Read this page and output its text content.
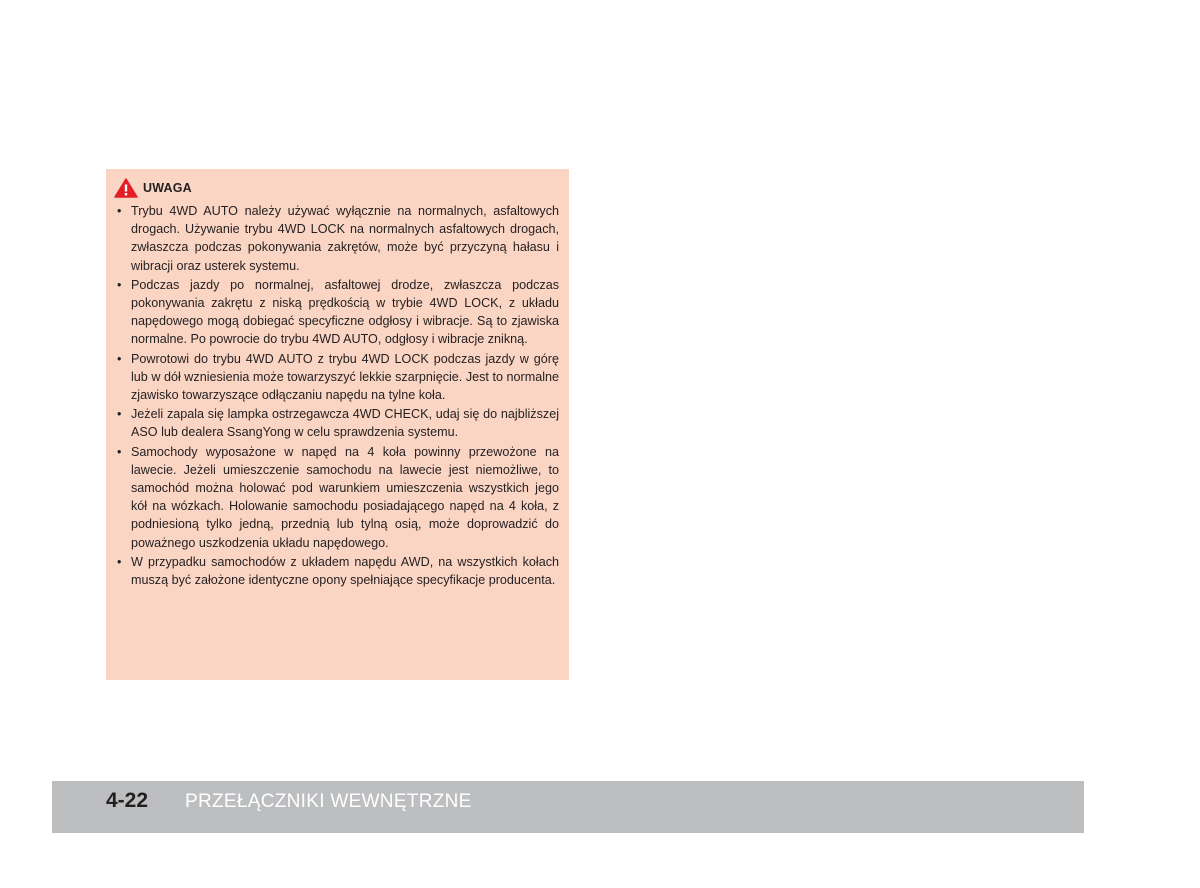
UWAGA
• Trybu 4WD AUTO należy używać wyłącznie na normalnych, asfaltowych drogach. Używanie trybu 4WD LOCK na normalnych asfaltowych drogach, zwłaszcza podczas pokonywania zakrętów, może być przyczyną hałasu i wibracji oraz usterek systemu.
• Podczas jazdy po normalnej, asfaltowej drodze, zwłaszcza podczas pokonywania zakrętu z niską prędkością w trybie 4WD LOCK, z układu napędowego mogą dobiegać specyficzne odgłosy i wibracje. Są to zjawiska normalne. Po powrocie do trybu 4WD AUTO, odgłosy i wibracje znikną.
• Powrotowi do trybu 4WD AUTO z trybu 4WD LOCK podczas jazdy w górę lub w dół wzniesienia może towarzyszyć lekkie szarpnięcie. Jest to normalne zjawisko towarzyszące odłączaniu napędu na tylne koła.
• Jeżeli zapala się lampka ostrzegawcza 4WD CHECK, udaj się do najbliższej ASO lub dealera SsangYong w celu sprawdzenia systemu.
• Samochody wyposażone w napęd na 4 koła powinny przewożone na lawecie. Jeżeli umieszczenie samochodu na lawecie jest niemożliwe, to samochód można holować pod warunkiem umieszczenia wszystkich jego kół na wózkach. Holowanie samochodu posiadającego napęd na 4 koła, z podniesioną tylko jedną, przednią lub tylną osią, może doprowadzić do poważnego uszkodzenia układu napędowego.
• W przypadku samochodów z układem napędu AWD, na wszystkich kołach muszą być założone identyczne opony spełniające specyfikacje producenta.
4-22 PRZEŁĄCZNIKI WEWNĘTRZNE
